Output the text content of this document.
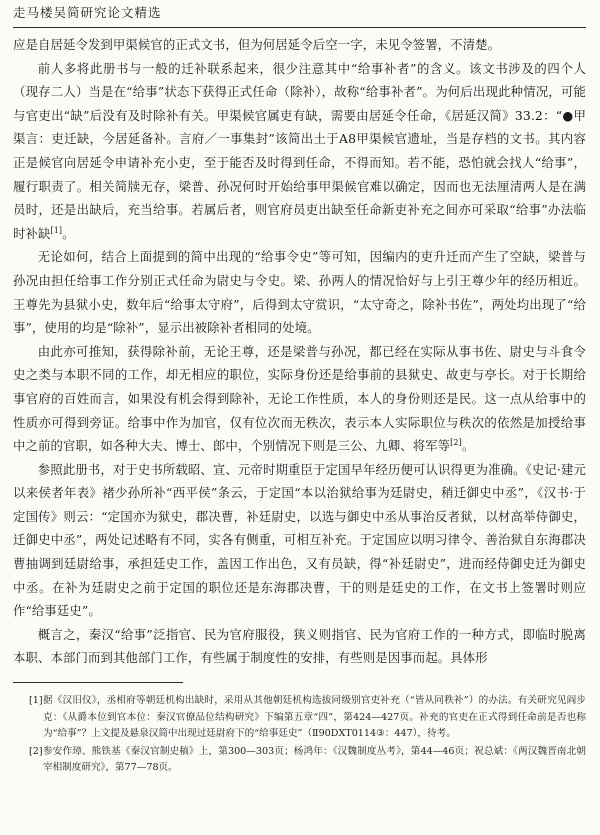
走马楼吴简研究论文精选

应是自居延令发到甲渠候官的正式文书，但为何居延令后空一字，未见令签署，不清楚。

前人多将此册书与一般的迁补联系起来，很少注意其中“给事补者”的含义。该文书涉及的四个人（现存二人）当是在“给事”状态下获得正式任命（除补），故称“给事补者”。为何后出现此种情况，可能与官吏出“缺”后没有及时除补有关。甲渠候官属吏有缺，需要由居延令任命，《居延汉简》33.2：“●甲渠言：吏迁缺，今居延备补。言府／一事集封”该简出土于A8甲渠候官遗址，当是存档的文书。其内容正是候官向居延令申请补充小吏，至于能否及时得到任命，不得而知。若不能，恐怕就会找人“给事”，履行职责了。相关简牍无存，梁普、孙况何时开始给事甲渠候官难以确定，因而也无法厘清两人是在满员时，还是出缺后，充当给事。若属后者，则官府员吏出缺至任命新吏补充之间亦可采取“给事”办法临时补缺[1]。

无论如何，结合上面提到的简中出现的“给事令史”等可知，因编内的吏升迁而产生了空缺，梁普与孙况由担任给事工作分别正式任命为尉史与令史。梁、孙两人的情况恰好与上引王尊少年的经历相近。王尊先为县狱小史，数年后“给事太守府”，后得到太守赏识，“太守奇之，除补书佐”，两处均出现了“给事”，使用的均是“除补”，显示出被除补者相同的处境。

由此亦可推知，获得除补前，无论王尊，还是梁普与孙况，都已经在实际从事书佐、尉史与斗食令史之类与本职不同的工作，却无相应的职位，实际身份还是给事前的县狱史、故吏与亭长。对于长期给事官府的百姓而言，如果没有机会得到除补，无论工作性质，本人的身份则还是民。这一点从给事中的性质亦可得到旁证。给事中作为加官，仅有位次而无秩次，表示本人实际职位与秩次的依然是加授给事中之前的官职，如各种大夫、博士、郎中，个别情况下则是三公、九卿、将军等[2]。

参照此册书，对于史书所载昭、宣、元帝时期重臣于定国早年经历便可认识得更为准确。《史记·建元以来侯者年表》褚少孙所补“西平侯”条云，于定国“本以治狱给事为廷尉史，稍迁御史中丞”，《汉书·于定国传》则云：“定国亦为狱史，郡决曹，补廷尉史，以选与御史中丞从事治反者狱，以材高举侍御史，迁御史中丞”，两处记述略有不同，实各有侧重，可相互补充。于定国应以明习律令、善治狱自东海郡决曹抽调到廷尉给事，承担廷史工作，盖因工作出色，又有员缺，得“补廷尉史”，进而经侍御史迁为御史中丞。在补为廷尉史之前于定国的职位还是东海郡决曹，干的则是廷史的工作，在文书上签署时则应作“给事廷史”。

概言之，秦汉“给事”泛指官、民为官府服役，狭义则指官、民为官府工作的一种方式，即临时脱离本职、本部门而到其他部门工作，有些属于制度性的安排，有些则是因事而起。具体形

[1] 据《汉旧仪》，丞相府等朝廷机构出缺时，采用从其他朝廷机构选拔同级别官吏补充（“皆从同秩补”）的办法。有关研究见阎步克：《从爵本位到官本位：秦汉官僚品位结构研究》下编第五章“四”，第424—427页。补充的官吏在正式得到任命前是否也称为“给事”？上文提及悬泉汉简中出现过廷尉府下的“给事廷史”（Ⅱ90DXT0114③：447），待考。
[2] 参安作璋、熊铁基《秦汉官制史稿》上，第300—303页；杨鸿年：《汉魏制度丛考》，第44—46页；祝总斌：《两汉魏晋南北朝宰相制度研究》，第77—78页。
